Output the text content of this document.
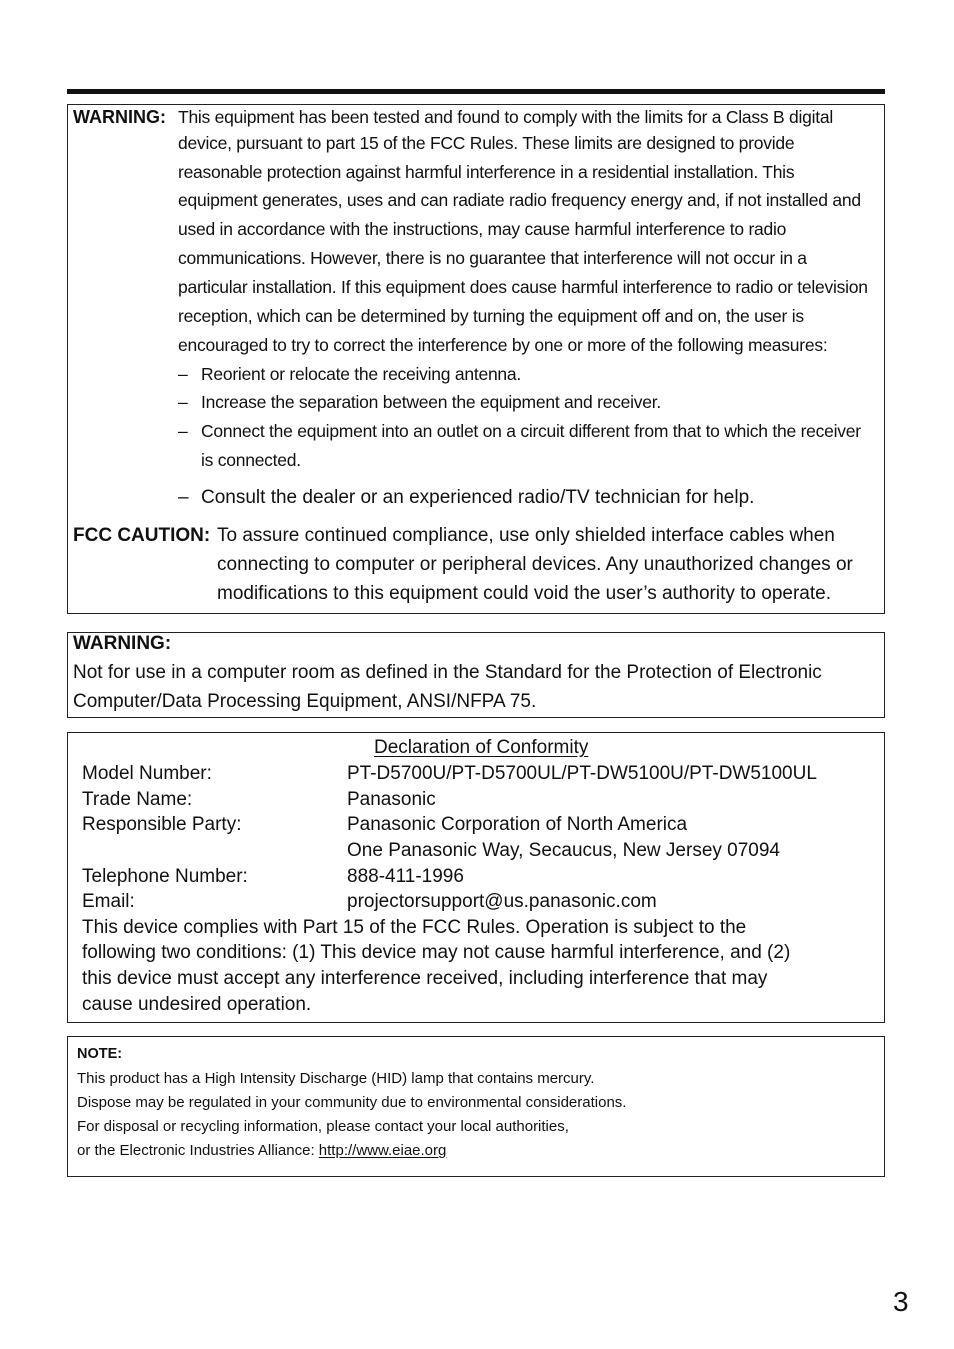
WARNING: This equipment has been tested and found to comply with the limits for a Class B digital
device, pursuant to part 15 of the FCC Rules. These limits are designed to provide
reasonable protection against harmful interference in a residential installation. This
equipment generates, uses and can radiate radio frequency energy and, if not installed and
used in accordance with the instructions, may cause harmful interference to radio
communications. However, there is no guarantee that interference will not occur in a
particular installation. If this equipment does cause harmful interference to radio or television
reception, which can be determined by turning the equipment off and on, the user is
encouraged to try to correct the interference by one or more of the following measures:
– Reorient or relocate the receiving antenna.
– Increase the separation between the equipment and receiver.
– Connect the equipment into an outlet on a circuit different from that to which the receiver
is connected.
– Consult the dealer or an experienced radio/TV technician for help.
FCC CAUTION: To assure continued compliance, use only shielded interface cables when
connecting to computer or peripheral devices. Any unauthorized changes or
modifications to this equipment could void the user’s authority to operate.
WARNING:
Not for use in a computer room as defined in the Standard for the Protection of Electronic
Computer/Data Processing Equipment, ANSI/NFPA 75.
Declaration of Conformity
Model Number:	PT-D5700U/PT-D5700UL/PT-DW5100U/PT-DW5100UL
Trade Name:	Panasonic
Responsible Party:	Panasonic Corporation of North America
One Panasonic Way, Secaucus, New Jersey 07094
Telephone Number:	888-411-1996
Email:	projectorsupport@us.panasonic.com
This device complies with Part 15 of the FCC Rules. Operation is subject to the
following two conditions: (1) This device may not cause harmful interference, and (2)
this device must accept any interference received, including interference that may
cause undesired operation.
NOTE:
This product has a High Intensity Discharge (HID) lamp that contains mercury.
Dispose may be regulated in your community due to environmental considerations.
For disposal or recycling information, please contact your local authorities,
or the Electronic Industries Alliance: http://www.eiae.org
3
